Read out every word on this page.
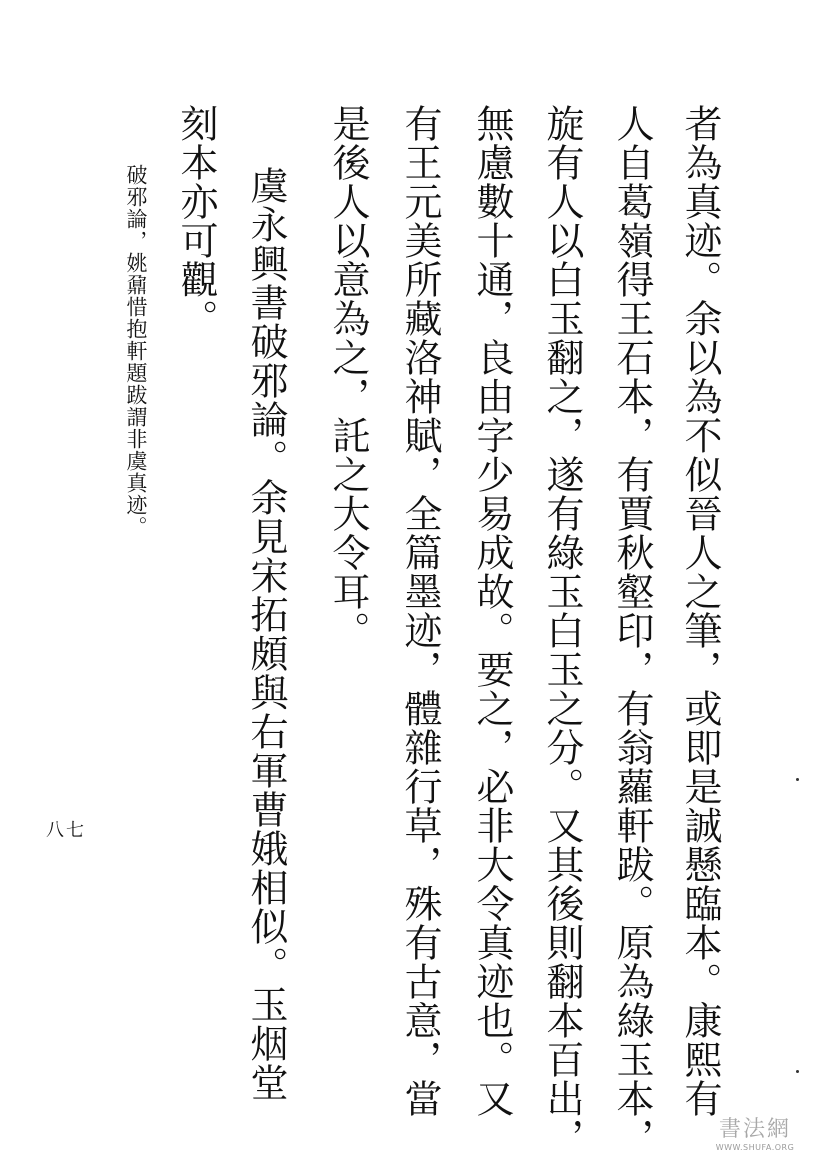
者為真迹。余以為不似晉人之筆，或即是誠懸臨本。康熙有
人自葛嶺得王石本，有賈秋壑印，有翁蘿軒跋。原為綠玉本，
旋有人以白玉翻之，遂有綠玉白玉之分。又其後則翻本百出，
無慮數十通，良由字少易成故。要之，必非大令真迹也。又
有王元美所藏洛神賦，全篇墨迹，體雜行草，殊有古意，當
是後人以意為之，託之大令耳。
虞永興書破邪論。余見宋拓頗與右軍曹娥相似。玉烟堂
刻本亦可觀。
破邪論，姚鼐惜抱軒題跋謂非虞真迹。
八七
書法網
WWW.SHUFA.ORG
